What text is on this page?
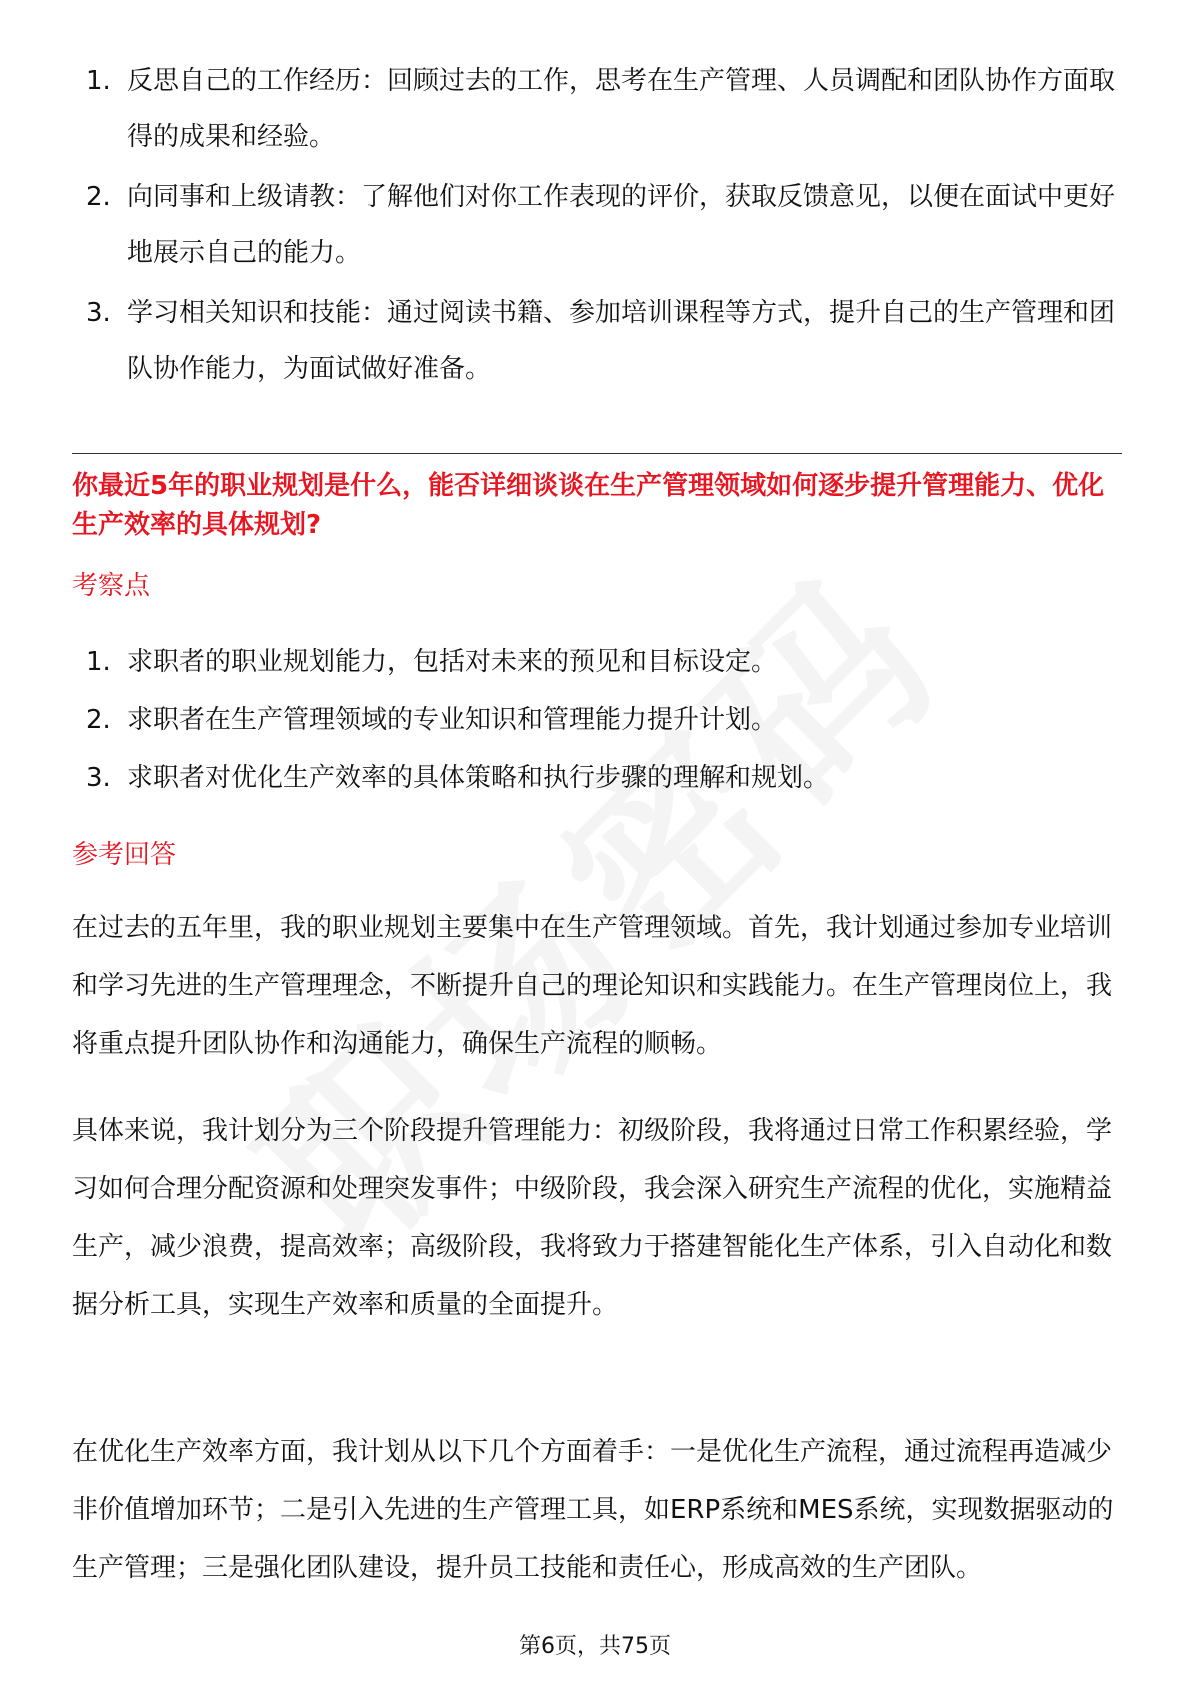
1. 反思自己的工作经历：回顾过去的工作，思考在生产管理、人员调配和团队协作方面取得的成果和经验。
2. 向同事和上级请教：了解他们对你工作表现的评价，获取反馈意见，以便在面试中更好地展示自己的能力。
3. 学习相关知识和技能：通过阅读书籍、参加培训课程等方式，提升自己的生产管理和团队协作能力，为面试做好准备。
你最近5年的职业规划是什么，能否详细谈谈在生产管理领域如何逐步提升管理能力、优化生产效率的具体规划?
考察点
1. 求职者的职业规划能力，包括对未来的预见和目标设定。
2. 求职者在生产管理领域的专业知识和管理能力提升计划。
3. 求职者对优化生产效率的具体策略和执行步骤的理解和规划。
参考回答

在过去的五年里，我的职业规划主要集中在生产管理领域。首先，我计划通过参加专业培训和学习先进的生产管理理念，不断提升自己的理论知识和实践能力。在生产管理岗位上，我将重点提升团队协作和沟通能力，确保生产流程的顺畅。

具体来说，我计划分为三个阶段提升管理能力：初级阶段，我将通过日常工作积累经验，学习如何合理分配资源和处理突发事件；中级阶段，我会深入研究生产流程的优化，实施精益生产，减少浪费，提高效率；高级阶段，我将致力于搭建智能化生产体系，引入自动化和数据分析工具，实现生产效率和质量的全面提升。

在优化生产效率方面，我计划从以下几个方面着手：一是优化生产流程，通过流程再造减少非价值增加环节；二是引入先进的生产管理工具，如ERP系统和MES系统，实现数据驱动的生产管理；三是强化团队建设，提升员工技能和责任心，形成高效的生产团队。

第6页，共75页
